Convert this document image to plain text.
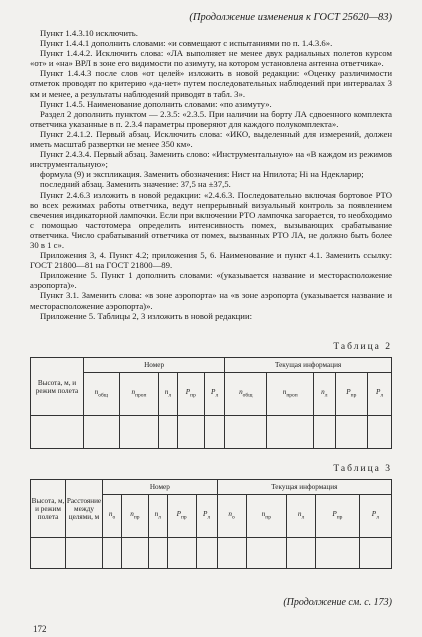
(Продолжение изменения к ГОСТ 25620—83)

Пункт 1.4.3.10 исключить.

Пункт 1.4.4.1 дополнить словами: «и совмещают с испытаниями по п. 1.4.3.6».

Пункт 1.4.4.2. Исключить слова: «ЛА выполняет не менее двух радиальных полетов курсом «от» и «на» ВРЛ в зоне его видимости по азимуту, на котором установлена антенна ответчика».

Пункт 1.4.4.3 после слов «от целей» изложить в новой редакции: «Оценку различимости отметок проводят по критерию «да-нет» путем последовательных наблюдений при интервалах 3 км и менее, а результаты наблюдений приводят в табл. 3».

Пункт 1.4.5. Наименование дополнить словами: «по азимуту».

Раздел 2 дополнить пунктом — 2.3.5: «2.3.5. При наличии на борту ЛА сдвоенного комплекта ответчика указанные в п. 2.3.4 параметры проверяют для каждого полукомплекта».

Пункт 2.4.1.2. Первый абзац. Исключить слова: «ИКО, выделенный для измерений, должен иметь масштаб развертки не менее 350 км».

Пункт 2.4.3.4. Первый абзац. Заменить слово: «Инструментальную» на «В каждом из режимов инструментальную»;

формула (9) и экспликация. Заменить обозначения: Hист на Hпилота; Hi на Hдекларир;

последний абзац. Заменить значение: 37,5 на ±37,5.

Пункт 2.4.6.3 изложить в новой редакции: «2.4.6.3. Последовательно включая бортовое РТО во всех режимах работы ответчика, ведут непрерывный визуальный контроль за появлением свечения индикаторной лампочки. Если при включении РТО лампочка загорается, то необходимо с помощью частотомера определить интенсивность помех, вызывающих срабатывание ответчика. Число срабатываний ответчика от помех, вызванных РТО ЛА, не должно быть более 30 в 1 с».

Приложения 3, 4. Пункт 4.2; приложения 5, 6. Наименование и пункт 4.1. Заменить ссылку: ГОСТ 21800—81 на ГОСТ 21800—89.

Приложение 5. Пункт 1 дополнить словами: «(указывается название и месторасположение аэропорта)».

Пункт 3.1. Заменить слова: «в зоне аэропорта» на «в зоне аэропорта (указывается название и месторасположение аэропорта)».

Приложение 5. Таблицы 2, 3 изложить в новой редакции:

Таблица 2
Высота, м, и режим полета	Номер					Текущая информация				
	$n_{общ}$	$n_{проп}$	$n_л$	$P_{пр}$	$P_л$	$n_{общ}$	$n_{проп}$	$n_л$	$P_{пр}$	$P_л$

Таблица 3
Высота, м, и режим полета	Расстояние между целями, м	Номер					Текущая информация				
		$n_о$	$n_{пр}$	$n_л$	$P_{пр}$	$P_л$	$n_о$	$n_{пр}$	$n_л$	$P_{пр}$	$P_л$

(Продолжение см. с. 173)
172
